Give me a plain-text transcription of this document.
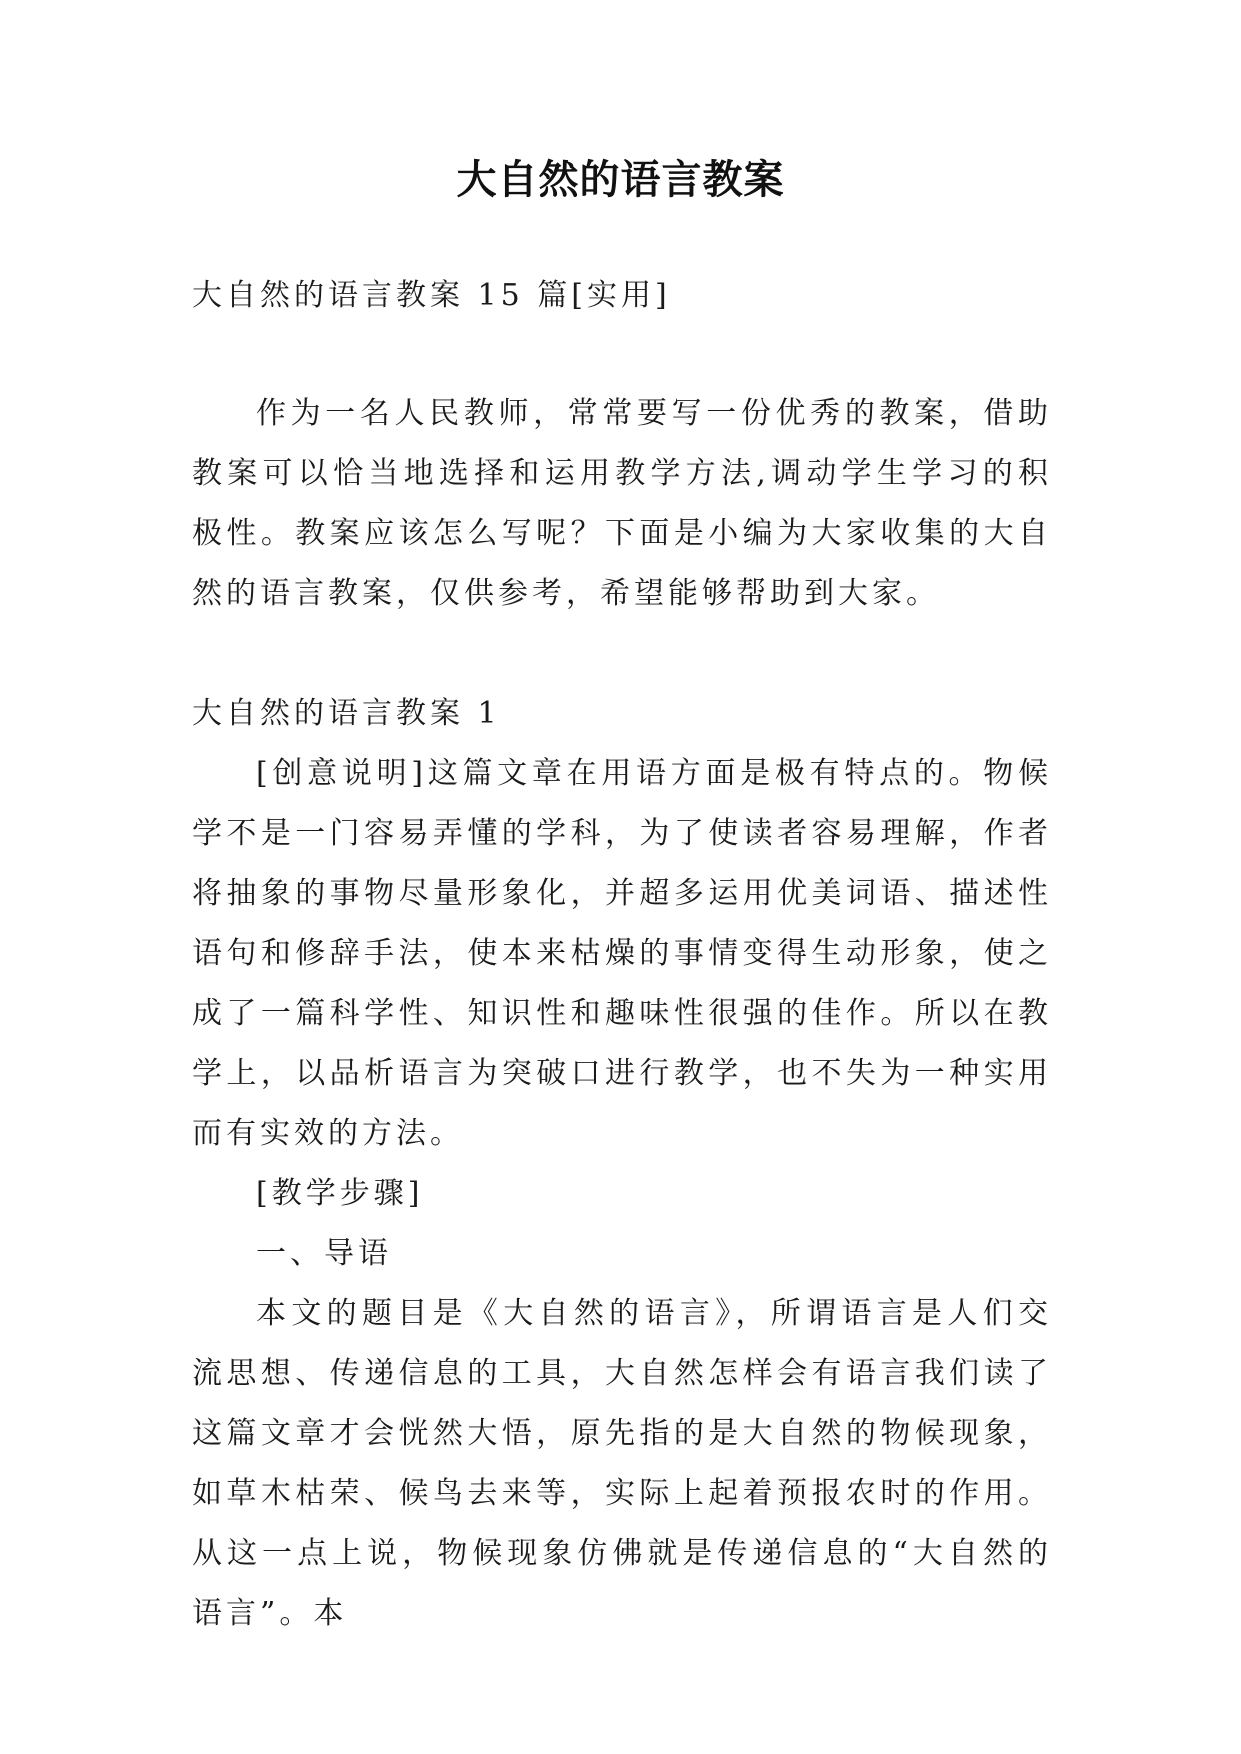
大自然的语言教案

大自然的语言教案 15 篇[实用]

作为一名人民教师，常常要写一份优秀的教案，借助教案可以恰当地选择和运用教学方法,调动学生学习的积极性。教案应该怎么写呢？下面是小编为大家收集的大自然的语言教案，仅供参考，希望能够帮助到大家。

大自然的语言教案 1

[创意说明]这篇文章在用语方面是极有特点的。物候学不是一门容易弄懂的学科，为了使读者容易理解，作者将抽象的事物尽量形象化，并超多运用优美词语、描述性语句和修辞手法，使本来枯燥的事情变得生动形象，使之成了一篇科学性、知识性和趣味性很强的佳作。所以在教学上，以品析语言为突破口进行教学，也不失为一种实用而有实效的方法。

[教学步骤]

一、导语

本文的题目是《大自然的语言》，所谓语言是人们交流思想、传递信息的工具，大自然怎样会有语言我们读了这篇文章才会恍然大悟，原先指的是大自然的物候现象，如草木枯荣、候鸟去来等，实际上起着预报农时的作用。从这一点上说，物候现象仿佛就是传递信息的“大自然的语言”。本
